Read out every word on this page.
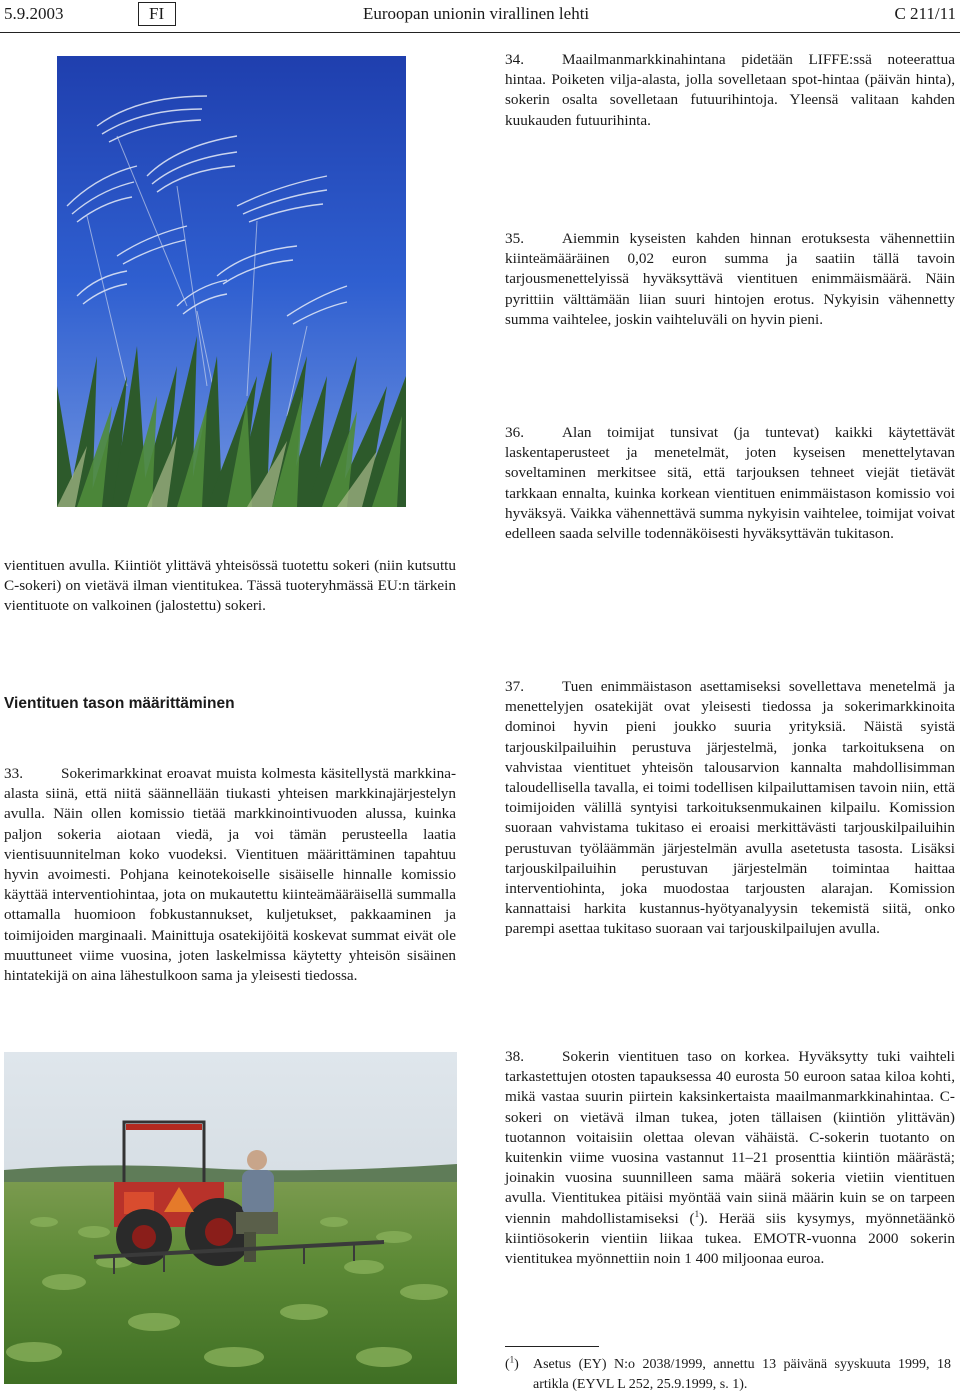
5.9.2003	FI	Euroopan unionin virallinen lehti	C 211/11

vientituen avulla. Kiintiöt ylittävä yhteisössä tuotettu sokeri (niin kutsuttu C-sokeri) on vietävä ilman vientitukea. Tässä tuoteryhmässä EU:n tärkein vientituote on valkoinen (jalostettu) sokeri.

Vientituen tason määrittäminen

33.	Sokerimarkkinat eroavat muista kolmesta käsitellystä markkina-alasta siinä, että niitä säännellään tiukasti yhteisen markkinajärjestelyn avulla. Näin ollen komissio tietää markkinointivuoden alussa, kuinka paljon sokeria aiotaan viedä, ja voi tämän perusteella laatia vientisuunnitelman koko vuodeksi. Vientituen määrittäminen tapahtuu hyvin avoimesti. Pohjana keinotekoiselle sisäiselle hinnalle komissio käyttää interventiohintaa, jota on mukautettu kiinteämääräisellä summalla ottamalla huomioon fobkustannukset, kuljetukset, pakkaaminen ja toimijoiden marginaali. Mainittuja osatekijöitä koskevat summat eivät ole muuttuneet viime vuosina, joten laskelmissa käytetty yhteisön sisäinen hintatekijä on aina lähestulkoon sama ja yleisesti tiedossa.

34.	Maailmanmarkkinahintana pidetään LIFFE:ssä noteerattua hintaa. Poiketen vilja-alasta, jolla sovelletaan spot-hintaa (päivän hinta), sokerin osalta sovelletaan futuurihintoja. Yleensä valitaan kahden kuukauden futuurihinta.

35.	Aiemmin kyseisten kahden hinnan erotuksesta vähennettiin kiinteämääräinen 0,02 euron summa ja saatiin tällä tavoin tarjousmenettelyissä hyväksyttävä vientituen enimmäismäärä. Näin pyrittiin välttämään liian suuri hintojen erotus. Nykyisin vähennetty summa vaihtelee, joskin vaihteluväli on hyvin pieni.

36.	Alan toimijat tunsivat (ja tuntevat) kaikki käytettävät laskentaperusteet ja menetelmät, joten kyseisen menettelytavan soveltaminen merkitsee sitä, että tarjouksen tehneet viejät tietävät tarkkaan ennalta, kuinka korkean vientituen enimmäistason komissio voi hyväksyä. Vaikka vähennettävä summa nykyisin vaihtelee, toimijat voivat edelleen saada selville todennäköisesti hyväksyttävän tukitason.

37.	Tuen enimmäistason asettamiseksi sovellettava menetelmä ja menettelyjen osatekijät ovat yleisesti tiedossa ja sokerimarkkinoita dominoi hyvin pieni joukko suuria yrityksiä. Näistä syistä tarjouskilpailuihin perustuva järjestelmä, jonka tarkoituksena on vahvistaa vientituet yhteisön talousarvion kannalta mahdollisimman taloudellisella tavalla, ei toimi todellisen kilpailuttamisen tavoin niin, että toimijoiden välillä syntyisi tarkoituksenmukainen kilpailu. Komission suoraan vahvistama tukitaso ei eroaisi merkittävästi tarjouskilpailuihin perustuvan työläämmän järjestelmän avulla asetetusta tasosta. Lisäksi tarjouskilpailuihin perustuvan järjestelmän toimintaa haittaa interventiohinta, joka muodostaa tarjousten alarajan. Komission kannattaisi harkita kustannus-hyötyanalyysin tekemistä siitä, onko parempi asettaa tukitaso suoraan vai tarjouskilpailujen avulla.

38.	Sokerin vientituen taso on korkea. Hyväksytty tuki vaihteli tarkastettujen otosten tapauksessa 40 eurosta 50 euroon sataa kiloa kohti, mikä vastaa suurin piirtein kaksinkertaista maailmanmarkkinahintaa. C-sokeri on vietävä ilman tukea, joten tällaisen (kiintiön ylittävän) tuotannon voitaisiin olettaa olevan vähäistä. C-sokerin tuotanto on kuitenkin viime vuosina vastannut 11–21 prosenttia kiintiön määrästä; joinakin vuosina suunnilleen sama määrä sokeria vietiin vientituen avulla. Vientitukea pitäisi myöntää vain siinä määrin kuin se on tarpeen viennin mahdollistamiseksi ($^1$). Herää siis kysymys, myönnetäänkö kiintiösokerin vientiin liikaa tukea. EMOTR-vuonna 2000 sokerin vientitukea myönnettiin noin 1 400 miljoonaa euroa.

($^1$) Asetus (EY) N:o 2038/1999, annettu 13 päivänä syyskuuta 1999, 18 artikla (EYVL L 252, 25.9.1999, s. 1).
